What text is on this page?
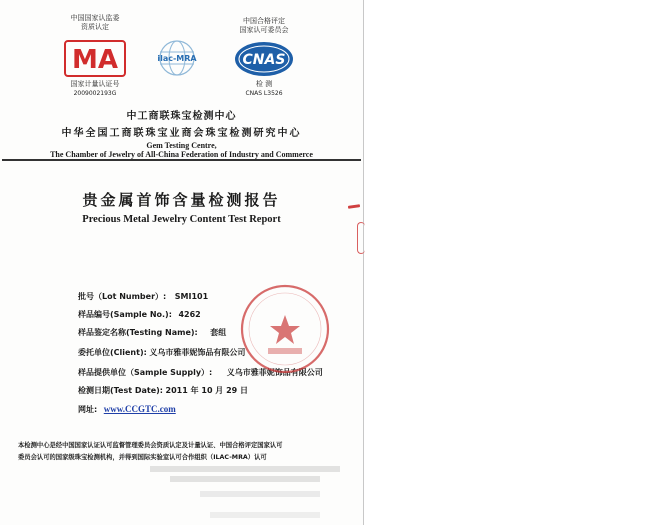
中国国家认监委
资质认定
MA
国家计量认证号
2009002193G
ilac-MRA
中国合格评定
国家认可委员会
CNAS
检 测
CNAS L3526
中工商联珠宝检测中心
中华全国工商联珠宝业商会珠宝检测研究中心
Gem Testing Centre,
The Chamber of Jewelry of All-China Federation of Industry and Commerce
贵金属首饰含量检测报告
Precious Metal Jewelry Content Test Report
批号（Lot Number）: SMI101
样品编号(Sample No.): 4262
样品鉴定名称(Testing Name): 套组
委托单位(Client): 义乌市雅菲妮饰品有限公司
样品提供单位（Sample Supply）: 义乌市雅菲妮饰品有限公司
检测日期(Test Date): 2011 年 10 月 29 日
网址: www.CCGTC.com
本检测中心是经中国国家认证认可监督管理委员会资质认定及计量认证、中国合格评定国家认可
委员会认可的国家级珠宝检测机构，并得到国际实验室认可合作组织（ILAC-MRA）认可
